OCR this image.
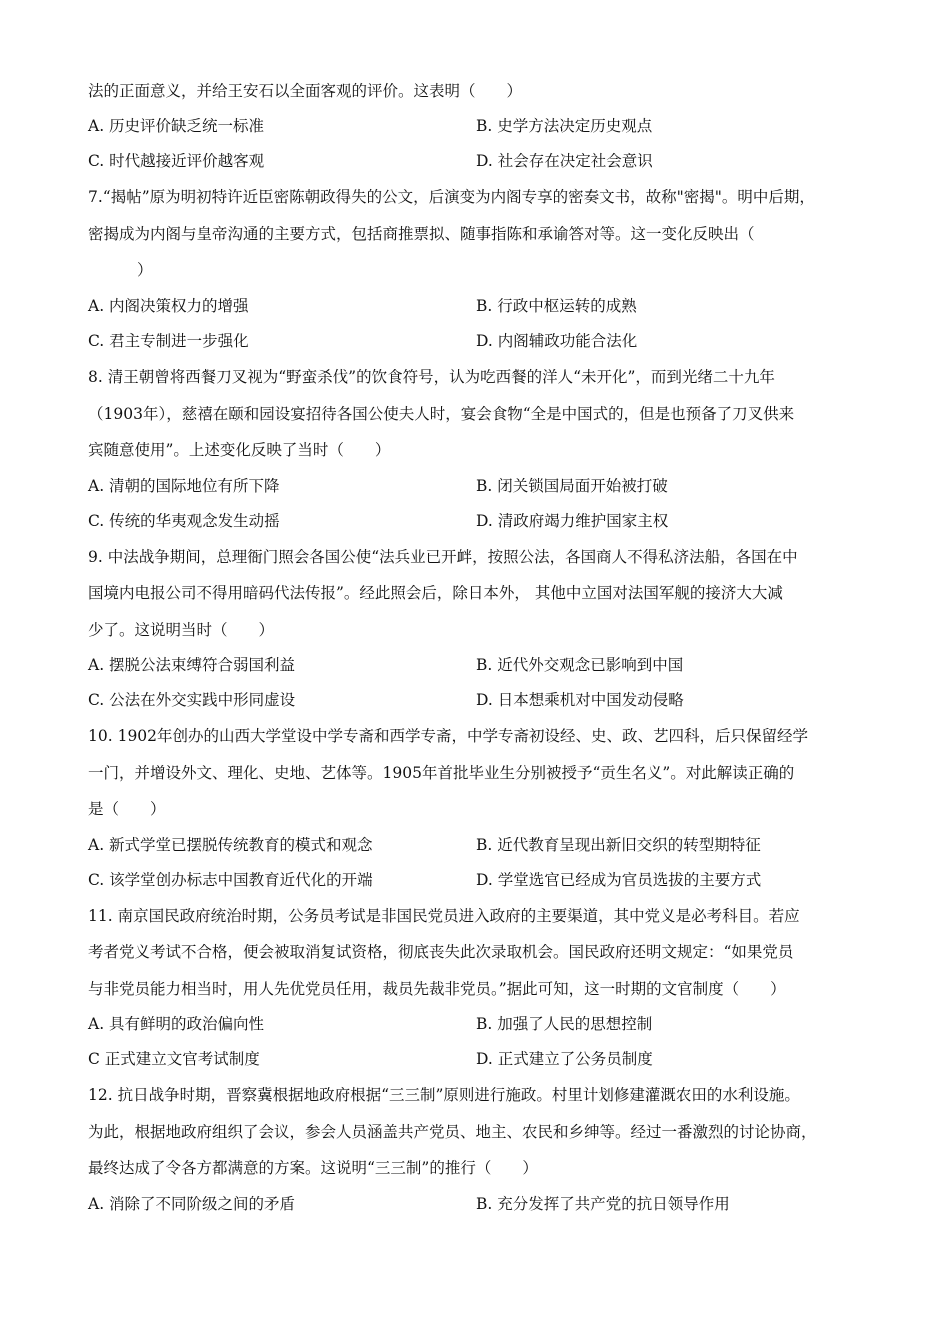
法的正面意义，并给王安石以全面客观的评价。这表明（　　）
A. 历史评价缺乏统一标准	B. 史学方法决定历史观点
C. 时代越接近评价越客观	D. 社会存在决定社会意识
7.“揭帖”原为明初特许近臣密陈朝政得失的公文，后演变为内阁专享的密奏文书，故称"密揭"。明中后期，
密揭成为内阁与皇帝沟通的主要方式，包括商推票拟、随事指陈和承谕答对等。这一变化反映出（
）
A. 内阁决策权力的增强	B. 行政中枢运转的成熟
C. 君主专制进一步强化	D. 内阁辅政功能合法化
8. 清王朝曾将西餐刀叉视为“野蛮杀伐”的饮食符号，认为吃西餐的洋人“未开化”，而到光绪二十九年
（1903年），慈禧在颐和园设宴招待各国公使夫人时，宴会食物“全是中国式的，但是也预备了刀叉供来
宾随意使用”。上述变化反映了当时（　　）
A. 清朝的国际地位有所下降	B. 闭关锁国局面开始被打破
C. 传统的华夷观念发生动摇	D. 清政府竭力维护国家主权
9. 中法战争期间，总理衙门照会各国公使“法兵业已开衅，按照公法，各国商人不得私济法船，各国在中
国境内电报公司不得用暗码代法传报”。经此照会后，除日本外， 其他中立国对法国军舰的接济大大减
少了。这说明当时（　　）
A. 摆脱公法束缚符合弱国利益	B. 近代外交观念已影响到中国
C. 公法在外交实践中形同虚设	D. 日本想乘机对中国发动侵略
10. 1902年创办的山西大学堂设中学专斋和西学专斋，中学专斋初设经、史、政、艺四科，后只保留经学
一门，并增设外文、理化、史地、艺体等。1905年首批毕业生分别被授予“贡生名义”。对此解读正确的
是（　　）
A. 新式学堂已摆脱传统教育的模式和观念	B. 近代教育呈现出新旧交织的转型期特征
C. 该学堂创办标志中国教育近代化的开端	D. 学堂选官已经成为官员选拔的主要方式
11. 南京国民政府统治时期，公务员考试是非国民党员进入政府的主要渠道，其中党义是必考科目。若应
考者党义考试不合格，便会被取消复试资格，彻底丧失此次录取机会。国民政府还明文规定：“如果党员
与非党员能力相当时，用人先优党员任用，裁员先裁非党员。”据此可知，这一时期的文官制度（　　）
A. 具有鲜明的政治偏向性	B. 加强了人民的思想控制
C 正式建立文官考试制度	D. 正式建立了公务员制度
12. 抗日战争时期，晋察冀根据地政府根据“三三制”原则进行施政。村里计划修建灌溉农田的水利设施。
为此，根据地政府组织了会议，参会人员涵盖共产党员、地主、农民和乡绅等。经过一番激烈的讨论协商，
最终达成了令各方都满意的方案。这说明“三三制”的推行（　　）
A. 消除了不同阶级之间的矛盾	B. 充分发挥了共产党的抗日领导作用
